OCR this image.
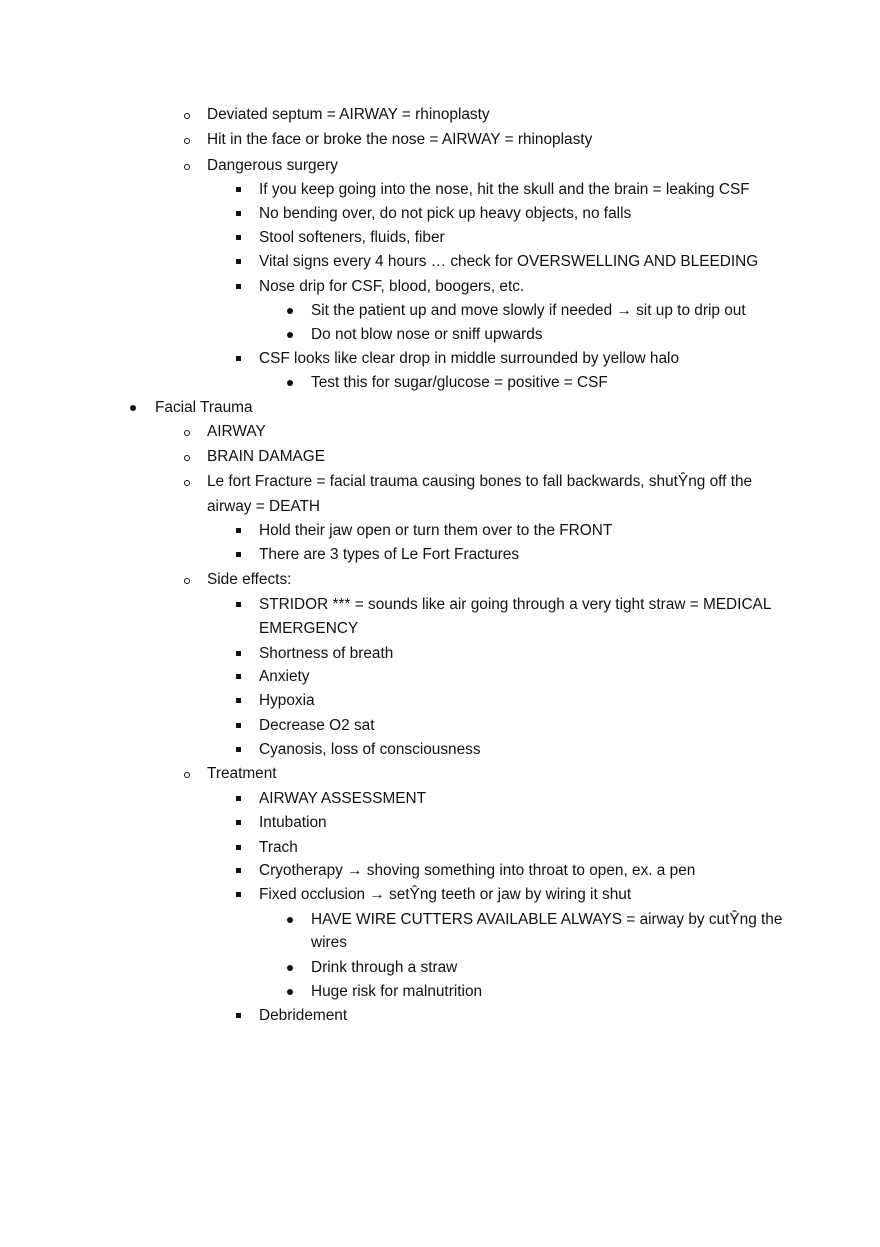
Deviated septum = AIRWAY = rhinoplasty
Hit in the face or broke the nose = AIRWAY = rhinoplasty
Dangerous surgery
If you keep going into the nose, hit the skull and the brain = leaking CSF
No bending over, do not pick up heavy objects, no falls
Stool softeners, fluids, fiber
Vital signs every 4 hours … check for OVERSWELLING AND BLEEDING
Nose drip for CSF, blood, boogers, etc.
Sit the patient up and move slowly if needed → sit up to drip out
Do not blow nose or sniff upwards
CSF looks like clear drop in middle surrounded by yellow halo
Test this for sugar/glucose = positive = CSF
Facial Trauma
AIRWAY
BRAIN DAMAGE
Le fort Fracture = facial trauma causing bones to fall backwards, shutŶng off the
airway = DEATH
Hold their jaw open or turn them over to the FRONT
There are 3 types of Le Fort Fractures
Side effects:
STRIDOR *** = sounds like air going through a very tight straw = MEDICAL
EMERGENCY
Shortness of breath
Anxiety
Hypoxia
Decrease O2 sat
Cyanosis, loss of consciousness
Treatment
AIRWAY ASSESSMENT
Intubation
Trach
Cryotherapy → shoving something into throat to open, ex. a pen
Fixed occlusion → setŶng teeth or jaw by wiring it shut
HAVE WIRE CUTTERS AVAILABLE ALWAYS = airway by cutŶng the
wires
Drink through a straw
Huge risk for malnutrition
Debridement
